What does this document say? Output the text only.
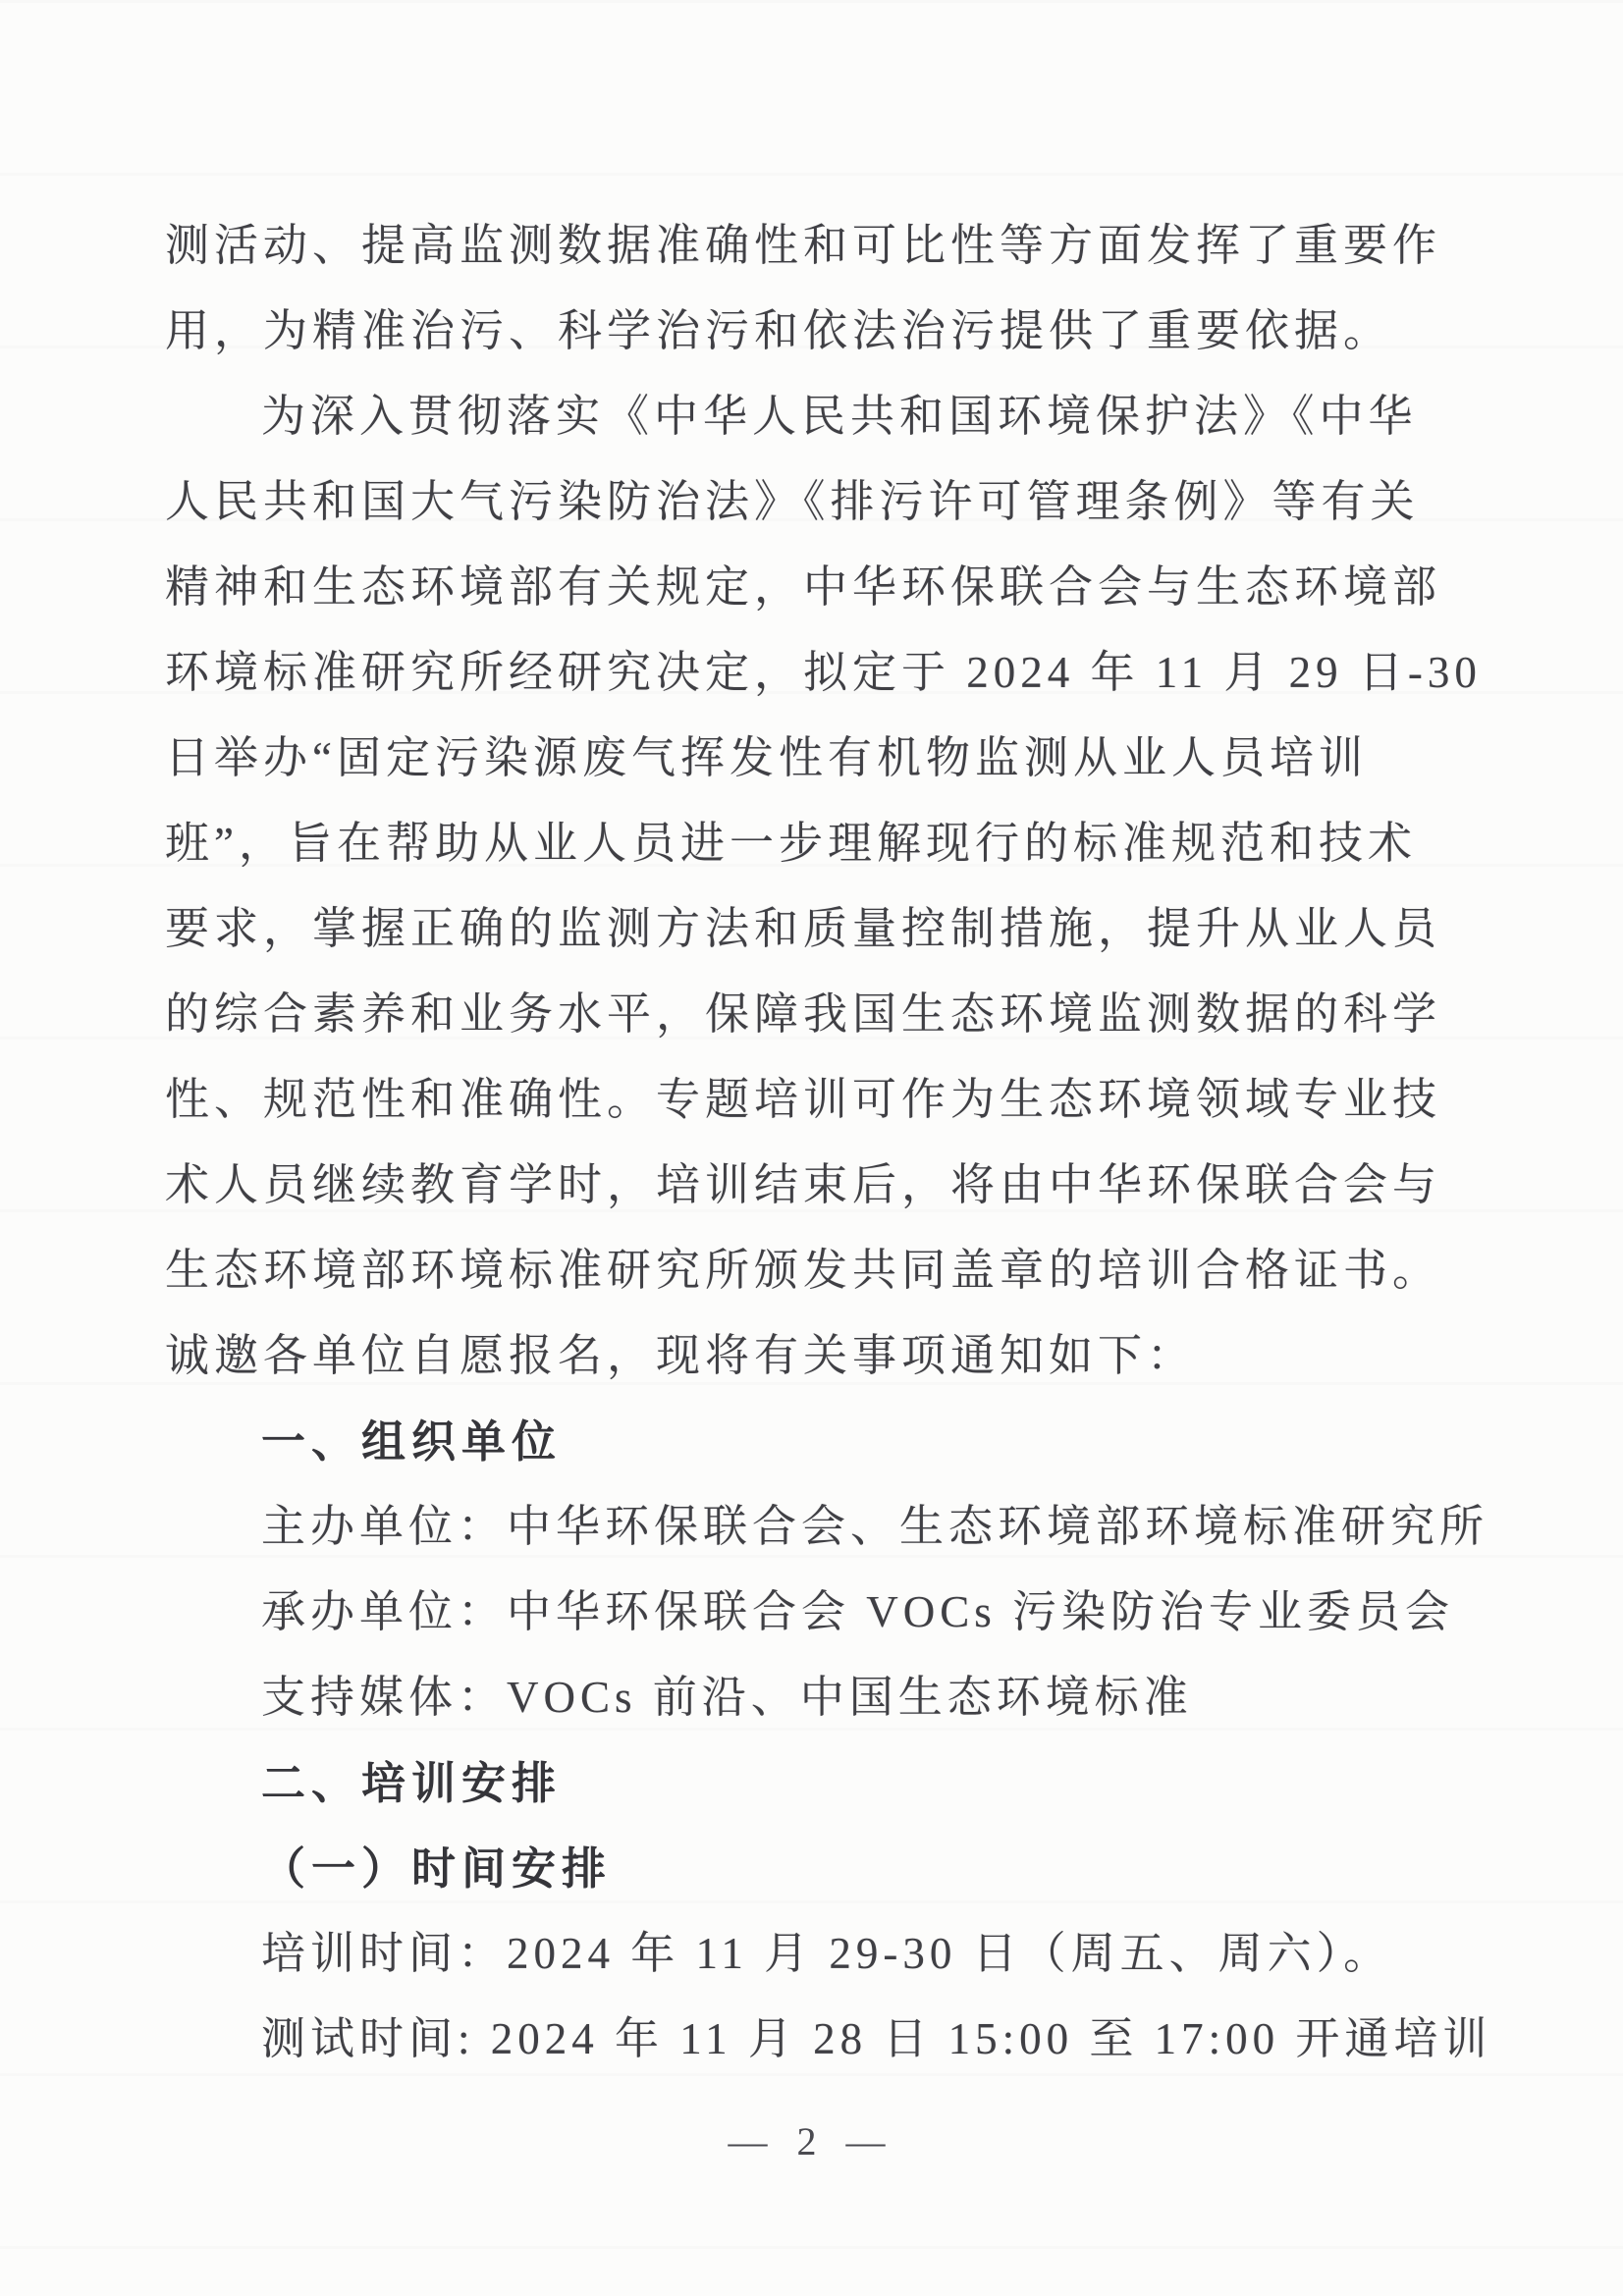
测活动、提高监测数据准确性和可比性等方面发挥了重要作
用，为精准治污、科学治污和依法治污提供了重要依据。
为深入贯彻落实《中华人民共和国环境保护法》《中华
人民共和国大气污染防治法》《排污许可管理条例》等有关
精神和生态环境部有关规定，中华环保联合会与生态环境部
环境标准研究所经研究决定，拟定于 2024 年 11 月 29 日-30
日举办“固定污染源废气挥发性有机物监测从业人员培训
班”，旨在帮助从业人员进一步理解现行的标准规范和技术
要求，掌握正确的监测方法和质量控制措施，提升从业人员
的综合素养和业务水平，保障我国生态环境监测数据的科学
性、规范性和准确性。专题培训可作为生态环境领域专业技
术人员继续教育学时，培训结束后，将由中华环保联合会与
生态环境部环境标准研究所颁发共同盖章的培训合格证书。
诚邀各单位自愿报名，现将有关事项通知如下：
一、组织单位
主办单位：中华环保联合会、生态环境部环境标准研究所
承办单位：中华环保联合会 VOCs 污染防治专业委员会
支持媒体：VOCs 前沿、中国生态环境标准
二、培训安排
（一）时间安排
培训时间：2024 年 11 月 29-30 日（周五、周六）。
测试时间: 2024 年 11 月 28 日 15:00 至 17:00 开通培训
— 2 —
